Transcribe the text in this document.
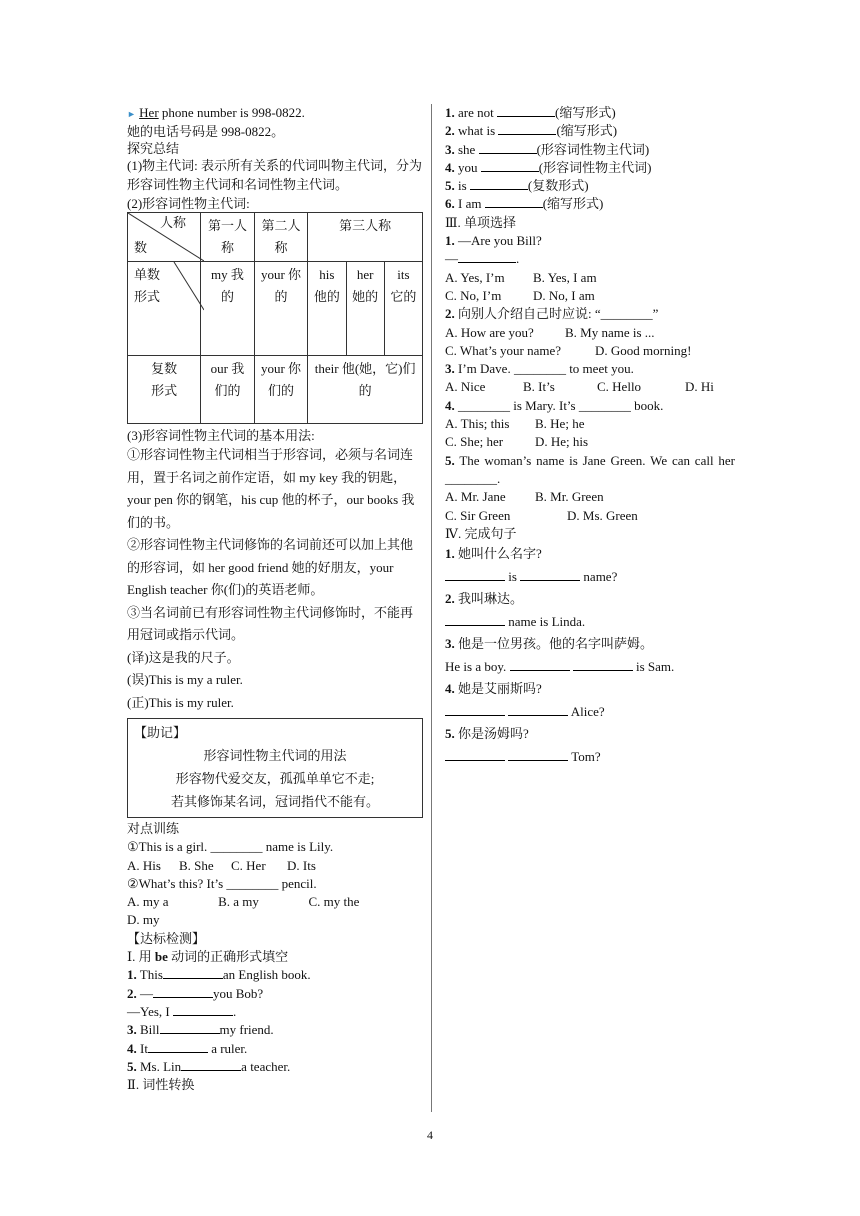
► Her phone number is 998-0822.

她的电话号码是 998-0822。

探究总结

(1)物主代词: 表示所有关系的代词叫物主代词，分为形容词性物主代词和名词性物主代词。

(2)形容词性物主代词:

人称
数	第一人称	第二人称	第三人称		

单数形式	my 我的	your 你的	his 他的	her 她的	its 它的
复数形式	our 我们的	your 你们的	their 他(她，它)们的		

(3)形容词性物主代词的基本用法:

①形容词性物主代词相当于形容词，必须与名词连用，置于名词之前作定语，如 my key 我的钥匙，your pen 你的钢笔，his cup 他的杯子，our books 我们的书。

②形容词性物主代词修饰的名词前还可以加上其他的形容词，如 her good friend 她的好朋友，your English teacher 你(们)的英语老师。

③当名词前已有形容词性物主代词修饰时，不能再用冠词或指示代词。

(译)这是我的尺子。

(误)This is my a ruler.

(正)This is my ruler.

【助记】
形容词性物主代词的用法
形容物代爱交友，孤孤单单它不走;
若其修饰某名词，冠词指代不能有。

对点训练

①This is a girl. ________ name is Lily.

A. His B. She C. Her D. Its

②What’s this? It’s ________ pencil.

A. my a	B. a my	C. my the

D. my

【达标检测】

Ⅰ. 用 be 动词的正确形式填空

1. This	an English book.

2. —	you Bob?

—Yes, I	.

3. Bill	my friend.

4. It	a ruler.

5. Ms. Lin	a teacher.

Ⅱ. 词性转换

1. are not	(缩写形式)

2. what is	(缩写形式)

3. she	(形容词性物主代词)

4. you	(形容词性物主代词)

5. is	(复数形式)

6. I am	(缩写形式)

Ⅲ. 单项选择

1. —Are you Bill?

—	.

A. Yes, I’m B. Yes, I am

C. No, I’m D. No, I am

2. 向别人介绍自己时应说: “________”

A. How are you? B. My name is ...

C. What’s your name?	D. Good morning!

3. I’m Dave. ________ to meet you.

A. Nice	B. It’s	C. Hello	D. Hi

4. ________ is Mary. It’s ________ book.

A. This; this B. He; he

C. She; her D. He; his

5. The woman’s name is Jane Green. We can call her ________.

A. Mr. Jane B. Mr. Green

C. Sir Green	D. Ms. Green

Ⅳ. 完成句子

1. 她叫什么名字?

is	name?

2. 我叫琳达。

name is Linda.

3. 他是一位男孩。他的名字叫萨姆。

He is a boy.	is Sam.

4. 她是艾丽斯吗?

Alice?

5. 你是汤姆吗?

Tom?

4
